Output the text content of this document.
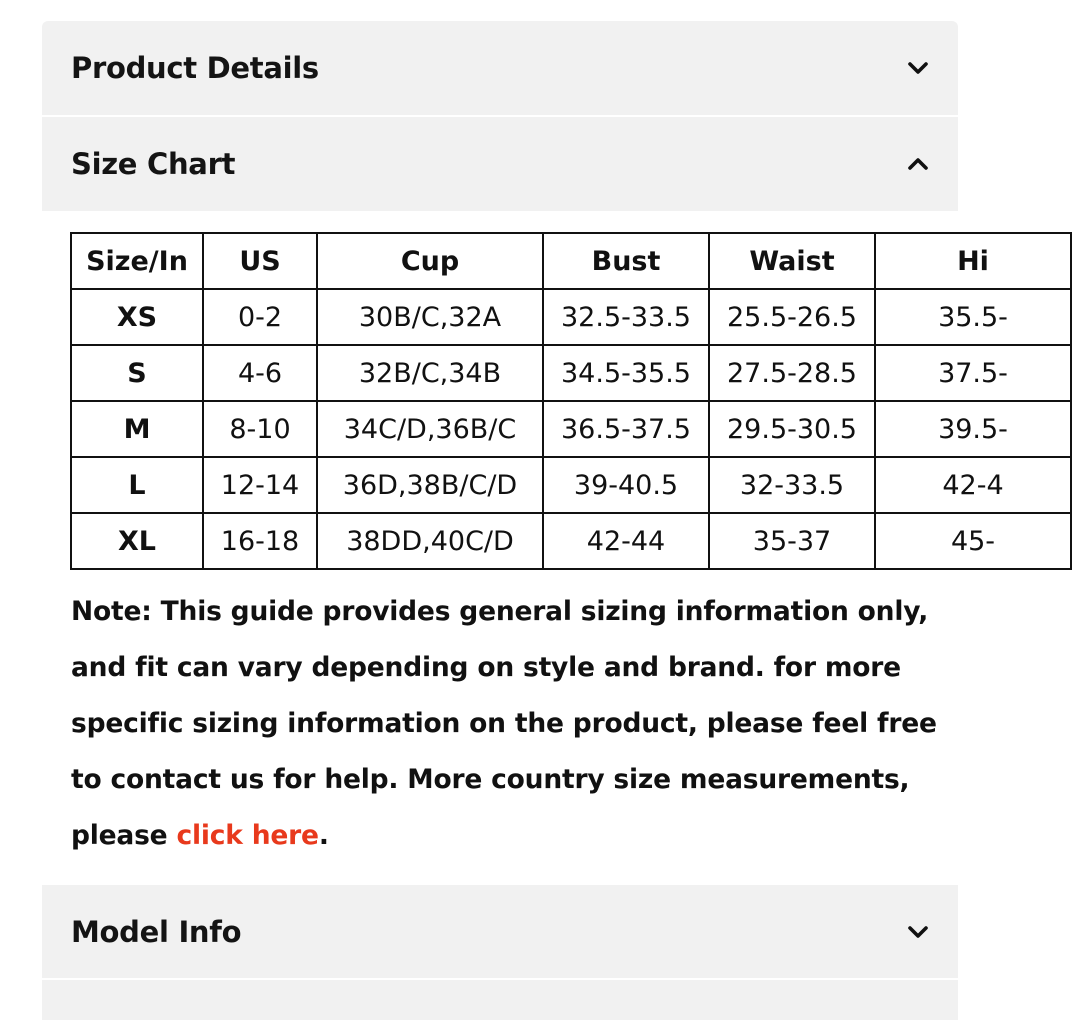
Product Details
Size Chart
Size/In	US	Cup	Bust	Waist	Hi
XS	0-2	30B/C,32A	32.5-33.5	25.5-26.5	35.5-
S	4-6	32B/C,34B	34.5-35.5	27.5-28.5	37.5-
M	8-10	34C/D,36B/C	36.5-37.5	29.5-30.5	39.5-
L	12-14	36D,38B/C/D	39-40.5	32-33.5	42-4
XL	16-18	38DD,40C/D	42-44	35-37	45-
Note: This guide provides general sizing information only, and fit can vary depending on style and brand. for more specific sizing information on the product, please feel free to contact us for help. More country size measurements, please click here.
Model Info
